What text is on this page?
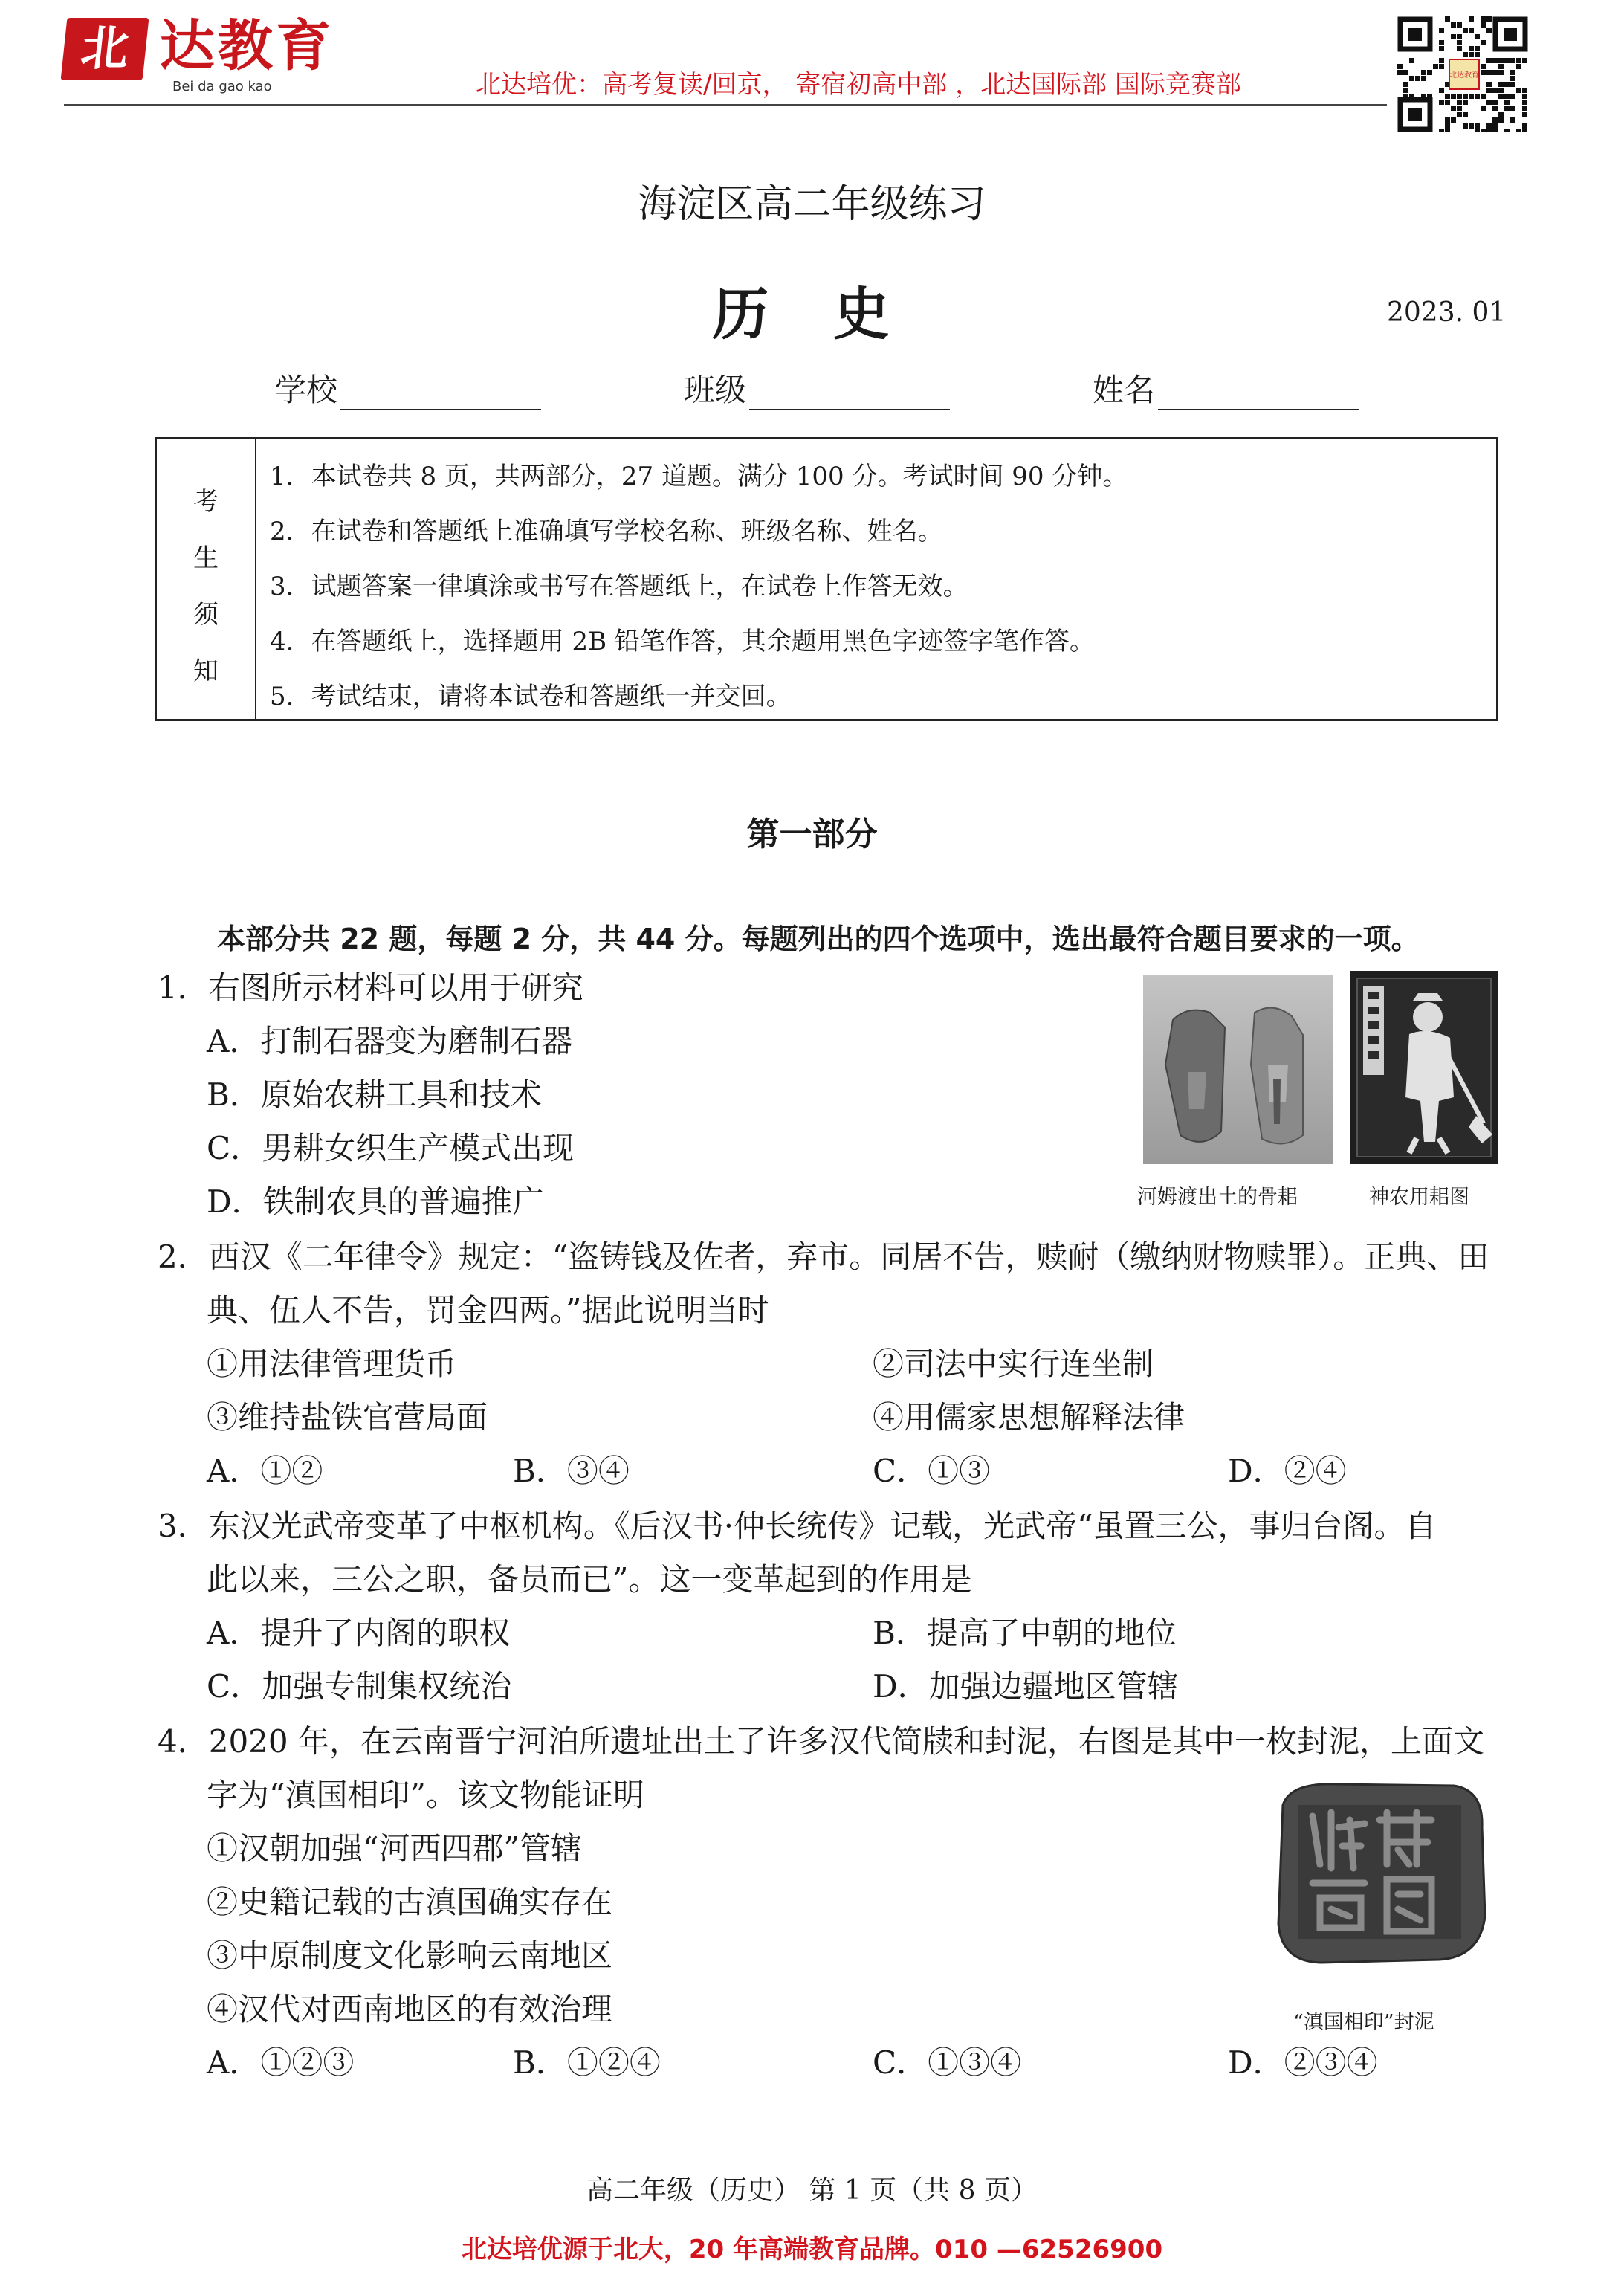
北 达教育
Bei da gao kao	北达培优：高考复读/回京， 寄宿初高中部 ，北达国际部 国际竞赛部	北达教育
海淀区高二年级练习
历 史	2023. 01
学校	班级	姓名
考
生
须
知
1．本试卷共 8 页，共两部分，27 道题。满分 100 分。考试时间 90 分钟。
2．在试卷和答题纸上准确填写学校名称、班级名称、姓名。
3．试题答案一律填涂或书写在答题纸上，在试卷上作答无效。
4．在答题纸上，选择题用 2B 铅笔作答，其余题用黑色字迹签字笔作答。
5．考试结束，请将本试卷和答题纸一并交回。
第一部分
本部分共 22 题，每题 2 分，共 44 分。每题列出的四个选项中，选出最符合题目要求的一项。
1．右图所示材料可以用于研究
A．打制石器变为磨制石器
B．原始农耕工具和技术
C．男耕女织生产模式出现
D．铁制农具的普遍推广	河姆渡出土的骨耜	神农用耜图
2．西汉《二年律令》规定：“盗铸钱及佐者，弃市。同居不告，赎耐（缴纳财物赎罪）。正典、田
典、伍人不告，罚金四两。”据此说明当时
①用法律管理货币	②司法中实行连坐制
③维持盐铁官营局面	④用儒家思想解释法律
A．①②	B．③④	C．①③	D．②④
3．东汉光武帝变革了中枢机构。《后汉书·仲长统传》记载，光武帝“虽置三公，事归台阁。自
此以来，三公之职，备员而已”。这一变革起到的作用是
A．提升了内阁的职权	B．提高了中朝的地位
C．加强专制集权统治	D．加强边疆地区管辖
4．2020 年，在云南晋宁河泊所遗址出土了许多汉代简牍和封泥，右图是其中一枚封泥，上面文
字为“滇国相印”。该文物能证明
①汉朝加强“河西四郡”管辖
②史籍记载的古滇国确实存在
③中原制度文化影响云南地区
④汉代对西南地区的有效治理
A．①②③	B．①②④	C．①③④	D．②③④
“滇国相印”封泥
高二年级（历史） 第 1 页（共 8 页）
北达培优源于北大，20 年高端教育品牌。010 —62526900
